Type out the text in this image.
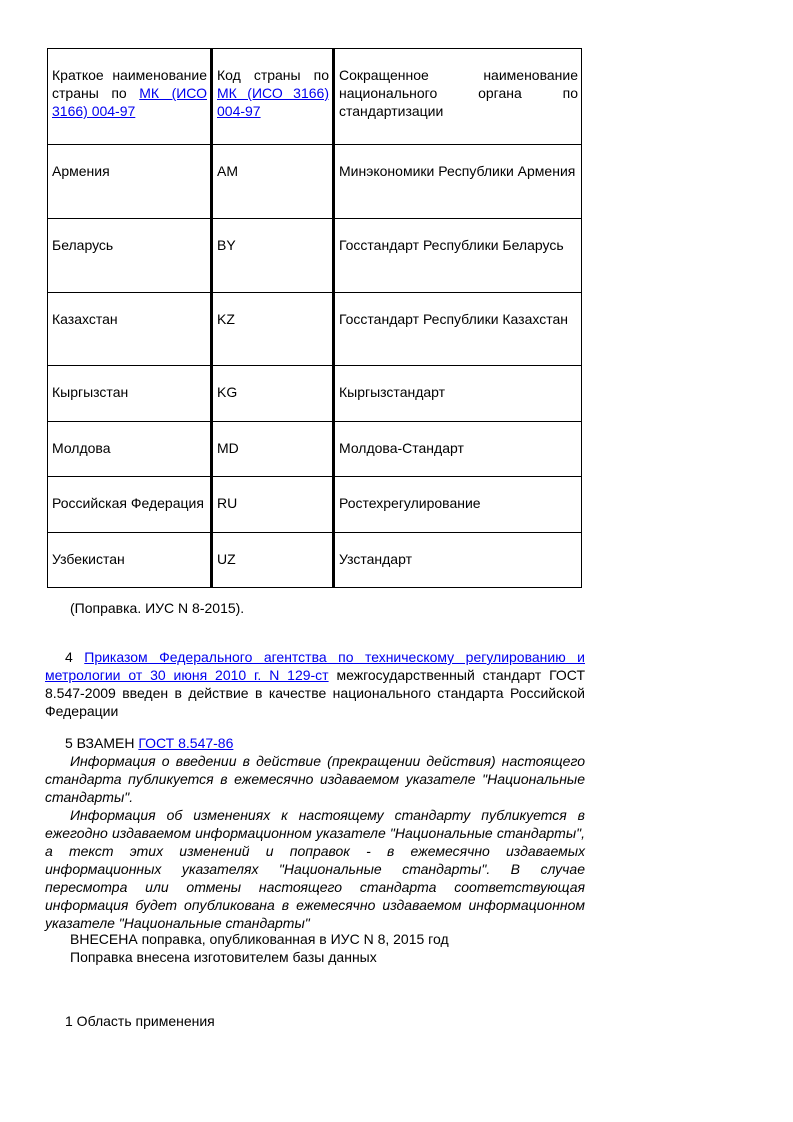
Краткое наименование страны по МК (ИСО 3166) 004-97	Код страны по МК (ИСО 3166) 004-97	Сокращенное наименование национального органа по стандартизации
Армения	AM	Минэкономики Республики Армения
Беларусь	BY	Госстандарт Республики Беларусь
Казахстан	KZ	Госстандарт Республики Казахстан
Кыргызстан	KG	Кыргызстандарт
Молдова	MD	Молдова-Стандарт
Российская Федерация	RU	Ростехрегулирование
Узбекистан	UZ	Узстандарт
(Поправка. ИУС N 8-2015).
4 Приказом Федерального агентства по техническому регулированию и метрологии от 30 июня 2010 г. N 129-ст межгосударственный стандарт ГОСТ 8.547-2009 введен в действие в качестве национального стандарта Российской Федерации
5 ВЗАМЕН ГОСТ 8.547-86
Информация о введении в действие (прекращении действия) настоящего стандарта публикуется в ежемесячно издаваемом указателе "Национальные стандарты".
Информация об изменениях к настоящему стандарту публикуется в ежегодно издаваемом информационном указателе "Национальные стандарты", а текст этих изменений и поправок - в ежемесячно издаваемых информационных указателях "Национальные стандарты". В случае пересмотра или отмены настоящего стандарта соответствующая информация будет опубликована в ежемесячно издаваемом информационном указателе "Национальные стандарты"
ВНЕСЕНА поправка, опубликованная в ИУС N 8, 2015 год
Поправка внесена изготовителем базы данных
1 Область применения
